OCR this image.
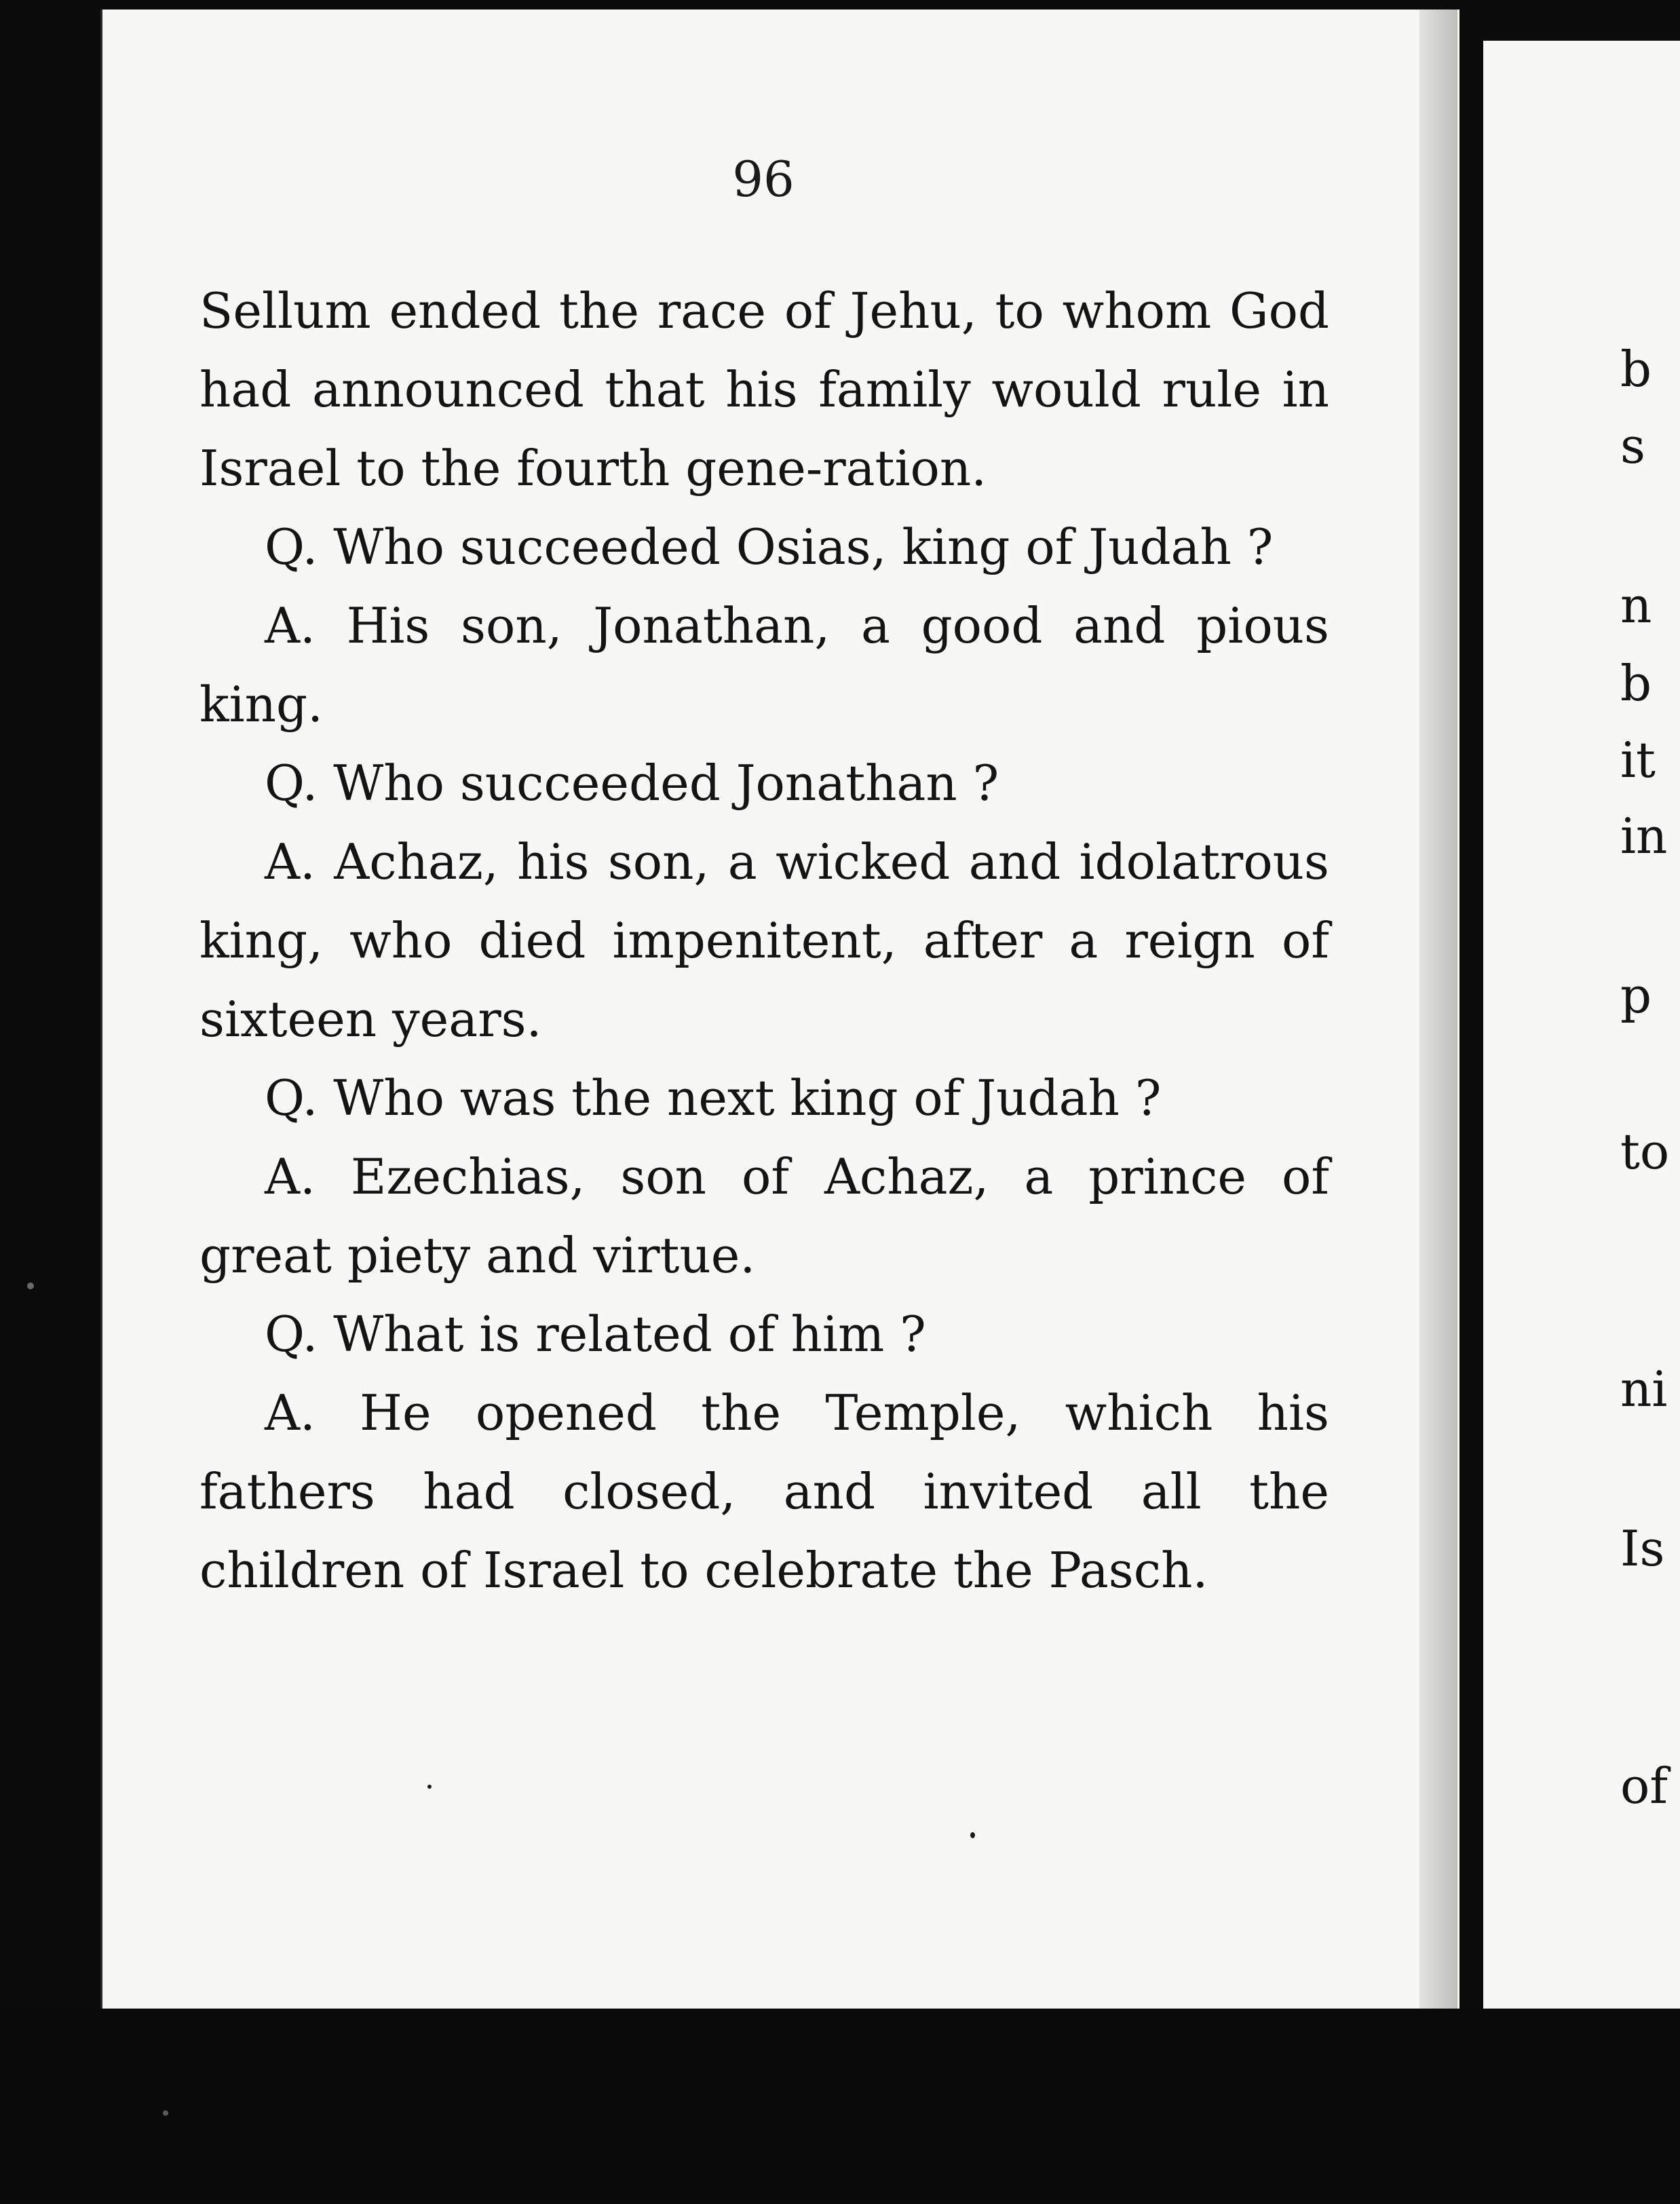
96

Sellum ended the race of Jehu, to whom God had announced that his family would rule in Israel to the fourth gene-ration.

Q. Who succeeded Osias, king of Judah ?

A. His son, Jonathan, a good and pious king.

Q. Who succeeded Jonathan ?

A. Achaz, his son, a wicked and idolatrous king, who died impenitent, after a reign of sixteen years.

Q. Who was the next king of Judah ?

A. Ezechias, son of Achaz, a prince of great piety and virtue.

Q. What is related of him ?

A. He opened the Temple, which his fathers had closed, and invited all the children of Israel to celebrate the Pasch.

b
s
n
b
it
in
p
to
ni
Is
of
